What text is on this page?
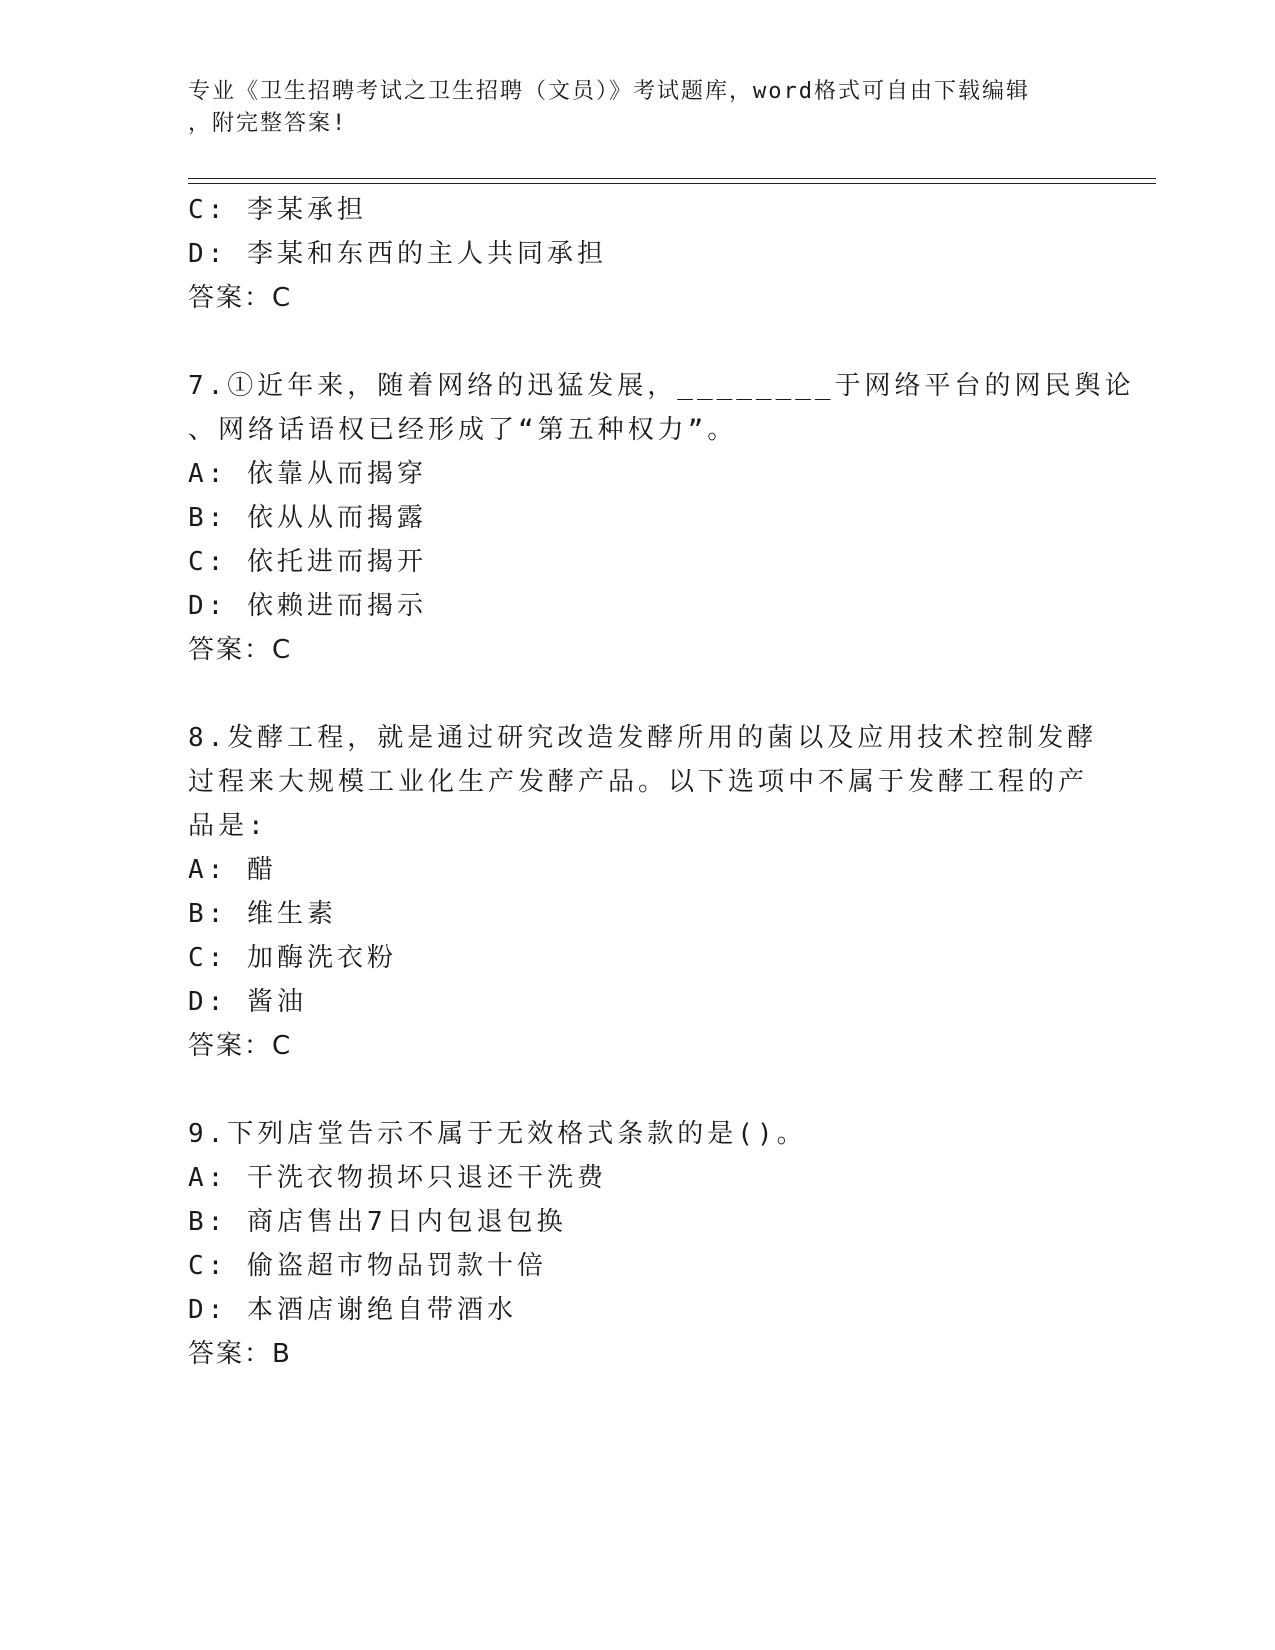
专业《卫生招聘考试之卫生招聘（文员）》考试题库，word格式可自由下载编辑
，附完整答案!
C: 李某承担
D: 李某和东西的主人共同承担
答案：C
7.①近年来，随着网络的迅猛发展，________于网络平台的网民舆论
、网络话语权已经形成了“第五种权力”。
A: 依靠从而揭穿
B: 依从从而揭露
C: 依托进而揭开
D: 依赖进而揭示
答案：C
8.发酵工程，就是通过研究改造发酵所用的菌以及应用技术控制发酵
过程来大规模工业化生产发酵产品。以下选项中不属于发酵工程的产
品是:
A: 醋
B: 维生素
C: 加酶洗衣粉
D: 酱油
答案：C
9.下列店堂告示不属于无效格式条款的是()。
A: 干洗衣物损坏只退还干洗费
B: 商店售出7日内包退包换
C: 偷盗超市物品罚款十倍
D: 本酒店谢绝自带酒水
答案：B
